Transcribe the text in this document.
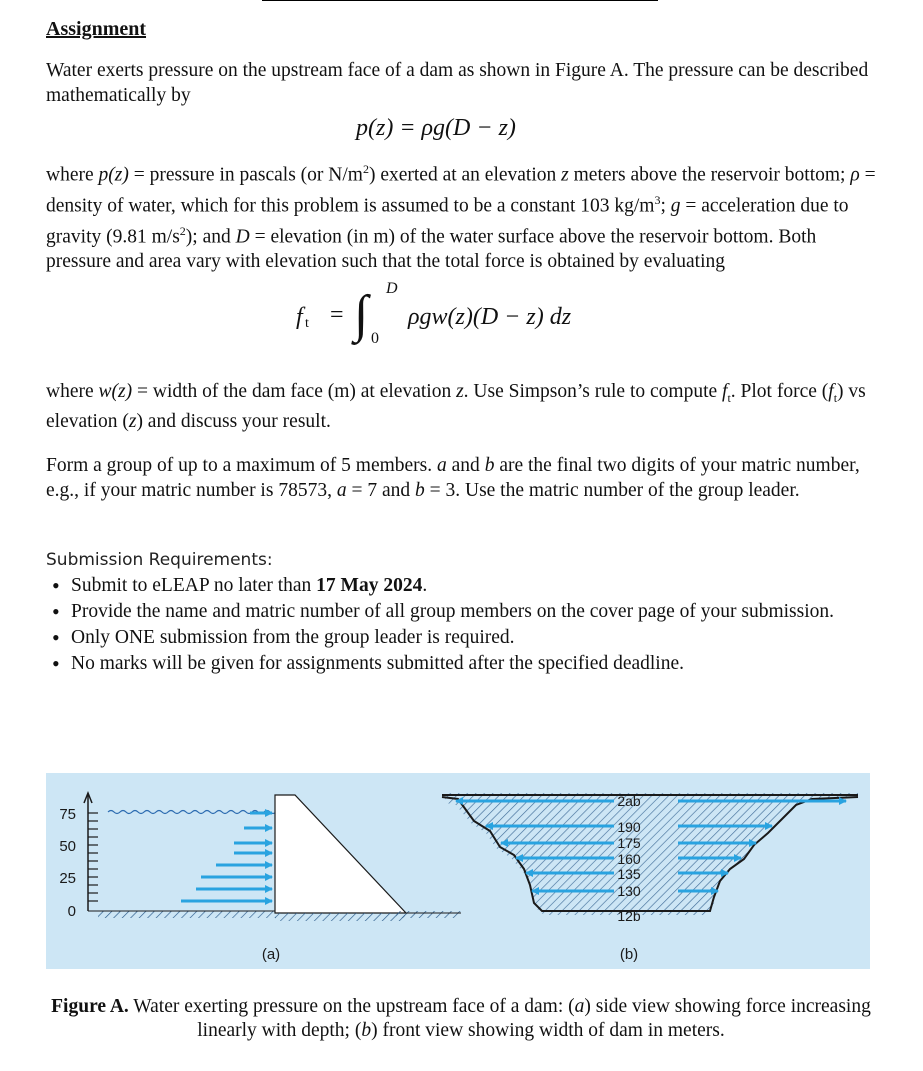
Assignment

Water exerts pressure on the upstream face of a dam as shown in Figure A. The pressure can be described mathematically by

p(z) = ρg(D − z)

where p(z) = pressure in pascals (or $N/m^2$) exerted at an elevation z meters above the reservoir bottom; ρ = density of water, which for this problem is assumed to be a constant 103 $kg/m^3$; g = acceleration due to gravity (9.81 $m/s^2$); and D = elevation (in m) of the water surface above the reservoir bottom. Both pressure and area vary with elevation such that the total force is obtained by evaluating

f t = ∫ D
0
ρgw(z)(D − z) dz

where w(z) = width of the dam face (m) at elevation z. Use Simpson’s rule to compute $f_t$. Plot force $(f_t)$ vs elevation (z) and discuss your result.

Form a group of up to a maximum of 5 members. a and b are the final two digits of your matric number, e.g., if your matric number is 78573, a = 7 and b = 3. Use the matric number of the group leader.

Submission Requirements:
• Submit to eLEAP no later than 17 May 2024.
• Provide the name and matric number of all group members on the cover page of your submission.
• Only ONE submission from the group leader is required.
• No marks will be given for assignments submitted after the specified deadline.
75
50
25
0
(a)
2ab
190
175
160
135
130
12b
(b)
Figure A. Water exerting pressure on the upstream face of a dam: (a) side view showing force increasing linearly with depth; (b) front view showing width of dam in meters.
